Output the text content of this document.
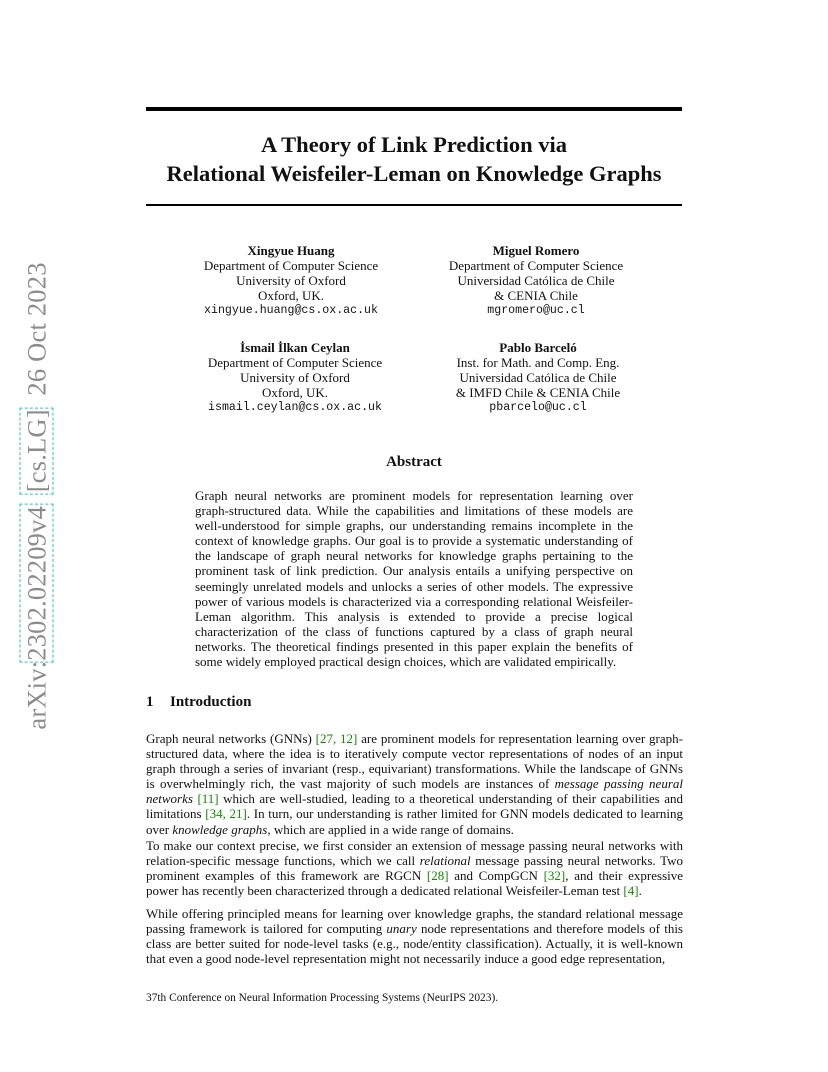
arXiv:2302.02209v4  [cs.LG]  26 Oct 2023
A Theory of Link Prediction via
Relational Weisfeiler-Leman on Knowledge Graphs
Xingyue Huang
Department of Computer Science
University of Oxford
Oxford, UK.
xingyue.huang@cs.ox.ac.uk
Miguel Romero
Department of Computer Science
Universidad Católica de Chile
& CENIA Chile
mgromero@uc.cl
İsmail İlkan Ceylan
Department of Computer Science
University of Oxford
Oxford, UK.
ismail.ceylan@cs.ox.ac.uk
Pablo Barceló
Inst. for Math. and Comp. Eng.
Universidad Católica de Chile
& IMFD Chile & CENIA Chile
pbarcelo@uc.cl
Abstract

Graph neural networks are prominent models for representation learning over graph-structured data. While the capabilities and limitations of these models are well-understood for simple graphs, our understanding remains incomplete in the context of knowledge graphs. Our goal is to provide a systematic understanding of the landscape of graph neural networks for knowledge graphs pertaining to the prominent task of link prediction. Our analysis entails a unifying perspective on seemingly unrelated models and unlocks a series of other models. The expressive power of various models is characterized via a corresponding relational Weisfeiler-Leman algorithm. This analysis is extended to provide a precise logical characterization of the class of functions captured by a class of graph neural networks. The theoretical findings presented in this paper explain the benefits of some widely employed practical design choices, which are validated empirically.

1 Introduction

Graph neural networks (GNNs) [27, 12] are prominent models for representation learning over graph-structured data, where the idea is to iteratively compute vector representations of nodes of an input graph through a series of invariant (resp., equivariant) transformations. While the landscape of GNNs is overwhelmingly rich, the vast majority of such models are instances of message passing neural networks [11] which are well-studied, leading to a theoretical understanding of their capabilities and limitations [34, 21]. In turn, our understanding is rather limited for GNN models dedicated to learning over knowledge graphs, which are applied in a wide range of domains.

To make our context precise, we first consider an extension of message passing neural networks with relation-specific message functions, which we call relational message passing neural networks. Two prominent examples of this framework are RGCN [28] and CompGCN [32], and their expressive power has recently been characterized through a dedicated relational Weisfeiler-Leman test [4].

While offering principled means for learning over knowledge graphs, the standard relational message passing framework is tailored for computing unary node representations and therefore models of this class are better suited for node-level tasks (e.g., node/entity classification). Actually, it is well-known that even a good node-level representation might not necessarily induce a good edge representation,

37th Conference on Neural Information Processing Systems (NeurIPS 2023).
